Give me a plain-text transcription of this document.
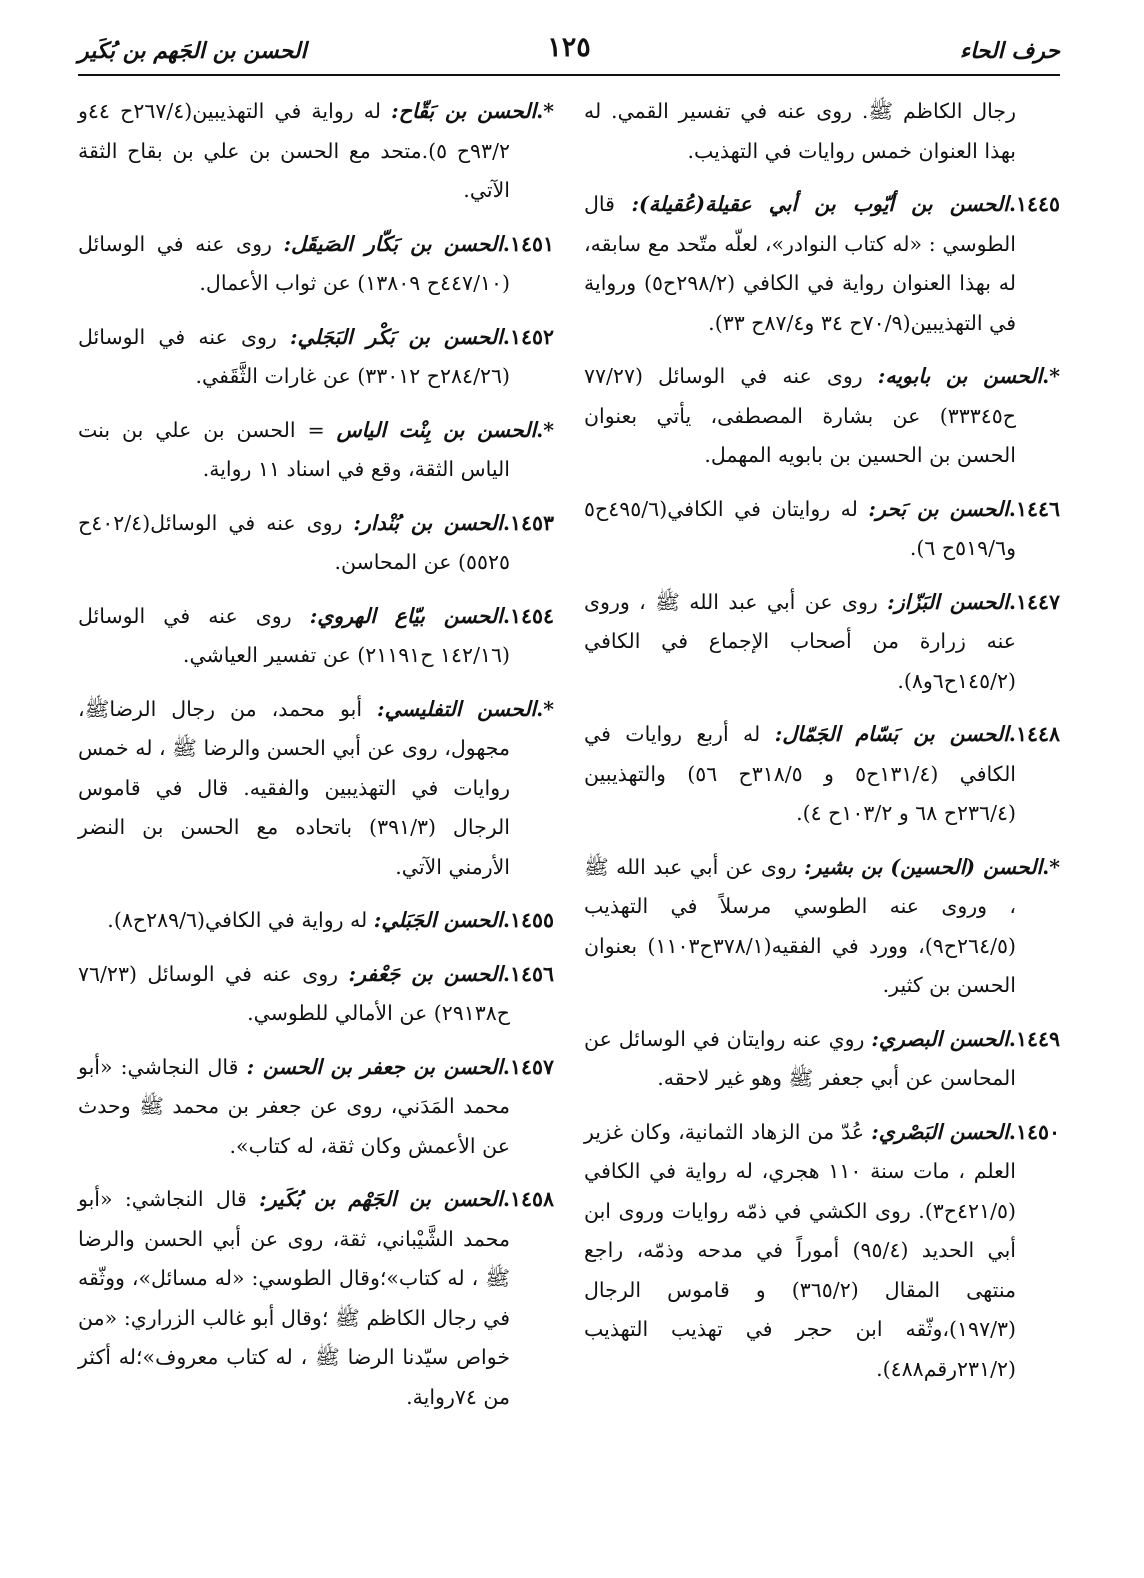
حرف الحاء
١٢٥
الحسن بن الجَهم بن بُكَير

رجال الكاظم ﷺ. روى عنه في تفسير القمي. له بهذا العنوان خمس روايات في التهذيب.

١٤٤٥.الحسن بن أيّوب بن أبي عقيلة(عُقيلة): قال الطوسي : «له كتاب النوادر»، لعلّه متّحد مع سابقه، له بهذا العنوان رواية في الكافي (٢٩٨/٢ح٥) ورواية في التهذيبين(٧٠/٩ح ٣٤ و٨٧/٤ح ٣٣).

*.الحسن بن بابويه: روى عنه في الوسائل (٧٧/٢٧ ح٣٣٣٤٥) عن بشارة المصطفى، يأتي بعنوان الحسن بن الحسين بن بابويه المهمل.

١٤٤٦.الحسن بن بَحر: له روايتان في الكافي(٤٩٥/٦ح٥ و٥١٩/٦ح ٦).

١٤٤٧.الحسن البَزّاز: روى عن أبي عبد الله ﷺ ، وروى عنه زرارة من أصحاب الإجماع في الكافي (١٤٥/٢ح٦و٨).

١٤٤٨.الحسن بن بَسّام الجَمّال: له أربع روايات في الكافي (١٣١/٤ح٥ و ٣١٨/٥ح ٥٦) والتهذيبين (٢٣٦/٤ح ٦٨ و ١٠٣/٢ح ٤).

*.الحسن (الحسين) بن بشير: روى عن أبي عبد الله ﷺ ، وروى عنه الطوسي مرسلاً في التهذيب (٢٦٤/٥ح٩)، وورد في الفقيه(٣٧٨/١ح١١٠٣) بعنوان الحسن بن كثير.

١٤٤٩.الحسن البصري: روي عنه روايتان في الوسائل عن المحاسن عن أبي جعفر ﷺ وهو غير لاحقه.

١٤٥٠.الحسن البَصْري: عُدّ من الزهاد الثمانية، وكان غزير العلم ، مات سنة ١١٠ هجري، له رواية في الكافي (٤٢١/٥ح٣). روى الكشي في ذمّه روايات وروى ابن أبي الحديد (٩٥/٤) أموراً في مدحه وذمّه، راجع منتهى المقال (٣٦٥/٢) و قاموس الرجال (١٩٧/٣)،وثّقه ابن حجر في تهذيب التهذيب (٢٣١/٢رقم٤٨٨).

*.الحسن بن بَقّاح: له رواية في التهذيبين(٢٦٧/٤ح ٤٤و ٩٣/٢ح ٥).متحد مع الحسن بن علي بن بقاح الثقة الآتي.

١٤٥١.الحسن بن بَكّار الصَيقَل: روى عنه في الوسائل (٤٤٧/١٠ح ١٣٨٠٩) عن ثواب الأعمال.

١٤٥٢.الحسن بن بَكْر البَجَلي: روى عنه في الوسائل (٢٨٤/٢٦ح ٣٣٠١٢) عن غارات الثَّقَفي.

*.الحسن بن بِنْت الياس = الحسن بن علي بن بنت الياس الثقة، وقع في اسناد ١١ رواية.

١٤٥٣.الحسن بن بُنْدار: روى عنه في الوسائل(٤٠٢/٤ح ٥٥٢٥) عن المحاسن.

١٤٥٤.الحسن بيّاع الهروي: روى عنه في الوسائل (١٤٢/١٦ ح٢١١٩١) عن تفسير العياشي.

*.الحسن التفليسي: أبو محمد، من رجال الرضاﷺ، مجهول، روى عن أبي الحسن والرضا ﷺ ، له خمس روايات في التهذيبين والفقيه. قال في قاموس الرجال (٣٩١/٣) باتحاده مع الحسن بن النضر الأرمني الآتي.

١٤٥٥.الحسن الجَبَلي: له رواية في الكافي(٢٨٩/٦ح٨).

١٤٥٦.الحسن بن جَعْفر: روى عنه في الوسائل (٧٦/٢٣ ح٢٩١٣٨) عن الأمالي للطوسي.

١٤٥٧.الحسن بن جعفر بن الحسن : قال النجاشي: «أبو محمد المَدَني، روى عن جعفر بن محمد ﷺ وحدث عن الأعمش وكان ثقة، له كتاب».

١٤٥٨.الحسن بن الجَهْم بن بُكَير: قال النجاشي: «أبو محمد الشَّيْباني، ثقة، روى عن أبي الحسن والرضا ﷺ ، له كتاب»؛وقال الطوسي: «له مسائل»، ووثّقه في رجال الكاظم ﷺ ؛وقال أبو غالب الزراري: «من خواص سيّدنا الرضا ﷺ ، له كتاب معروف»؛له أكثر من ٧٤رواية.
